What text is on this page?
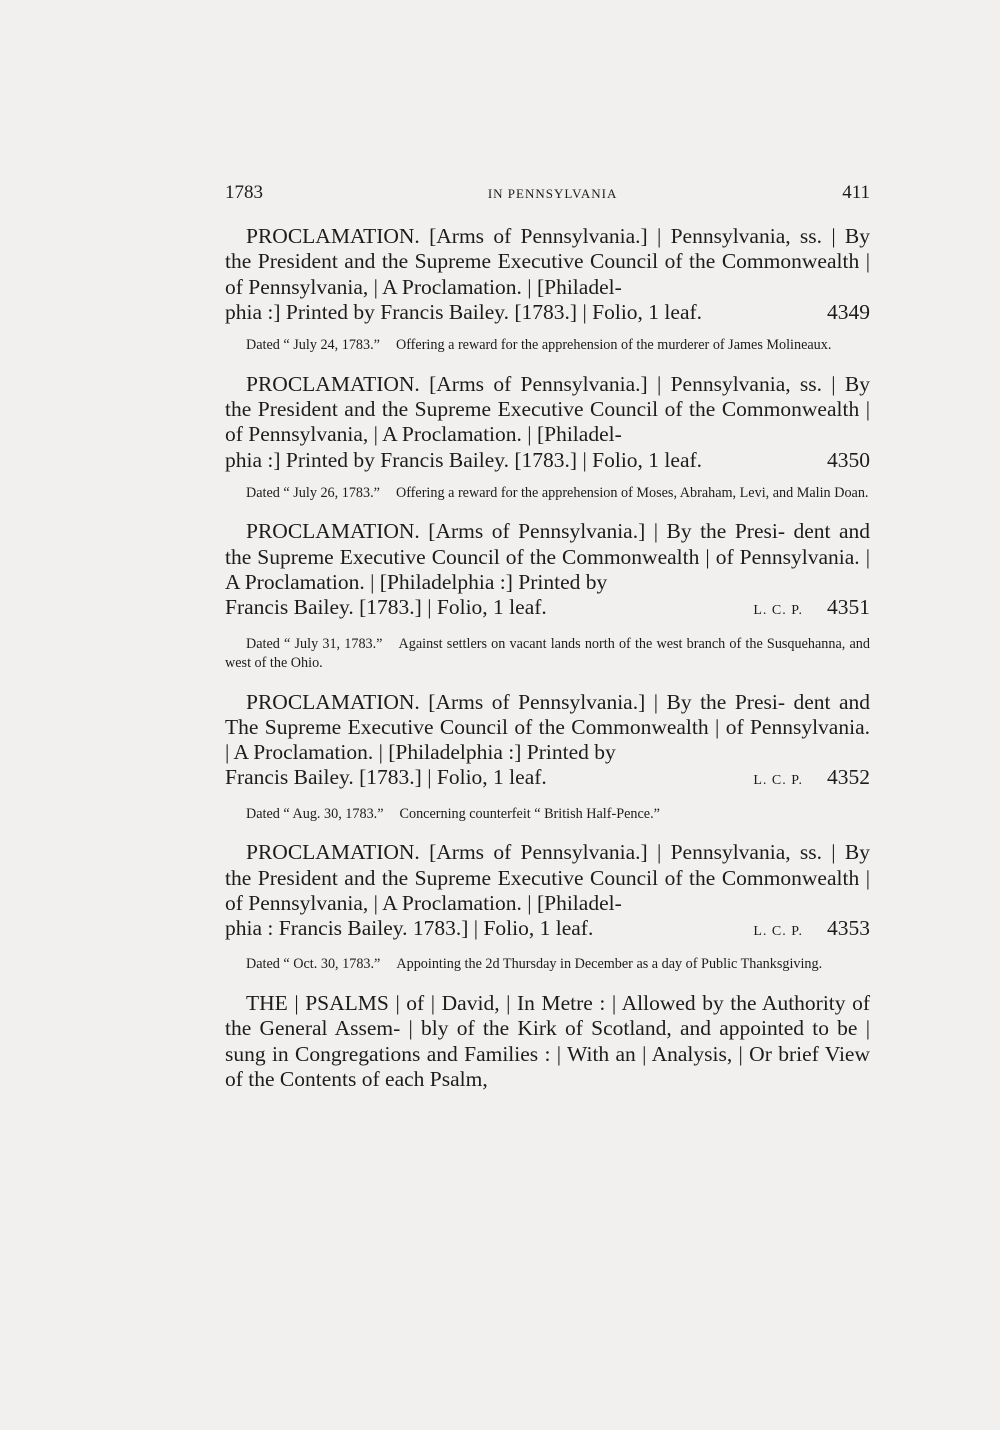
1783	IN PENNSYLVANIA	411

PROCLAMATION. [Arms of Pennsylvania.] | Pennsylvania, ss. | By the President and the Supreme Executive Council of the Commonwealth | of Pennsylvania, | A Proclamation. | [Philadel-

phia :] Printed by Francis Bailey. [1783.] | Folio, 1 leaf.	4349

Dated “ July 24, 1783.” Offering a reward for the apprehension of the murderer of James Molineaux.

PROCLAMATION. [Arms of Pennsylvania.] | Pennsylvania, ss. | By the President and the Supreme Executive Council of the Commonwealth | of Pennsylvania, | A Proclamation. | [Philadel-

phia :] Printed by Francis Bailey. [1783.] | Folio, 1 leaf.	4350

Dated “ July 26, 1783.” Offering a reward for the apprehension of Moses, Abraham, Levi, and Malin Doan.

PROCLAMATION. [Arms of Pennsylvania.] | By the Presi- dent and the Supreme Executive Council of the Commonwealth | of Pennsylvania. | A Proclamation. | [Philadelphia :] Printed by

Francis Bailey. [1783.] | Folio, 1 leaf.	L. C. P. 4351

Dated “ July 31, 1783.” Against settlers on vacant lands north of the west branch of the Susquehanna, and west of the Ohio.

PROCLAMATION. [Arms of Pennsylvania.] | By the Presi- dent and The Supreme Executive Council of the Commonwealth | of Pennsylvania. | A Proclamation. | [Philadelphia :] Printed by

Francis Bailey. [1783.] | Folio, 1 leaf.	L. C. P. 4352

Dated “ Aug. 30, 1783.” Concerning counterfeit “ British Half-Pence.”

PROCLAMATION. [Arms of Pennsylvania.] | Pennsylvania, ss. | By the President and the Supreme Executive Council of the Commonwealth | of Pennsylvania, | A Proclamation. | [Philadel-

phia : Francis Bailey. 1783.] | Folio, 1 leaf.	L. C. P. 4353

Dated “ Oct. 30, 1783.” Appointing the 2d Thursday in December as a day of Public Thanksgiving.

THE | PSALMS | of | David, | In Metre : | Allowed by the Authority of the General Assem- | bly of the Kirk of Scotland, and appointed to be | sung in Congregations and Families : | With an | Analysis, | Or brief View of the Contents of each Psalm,
